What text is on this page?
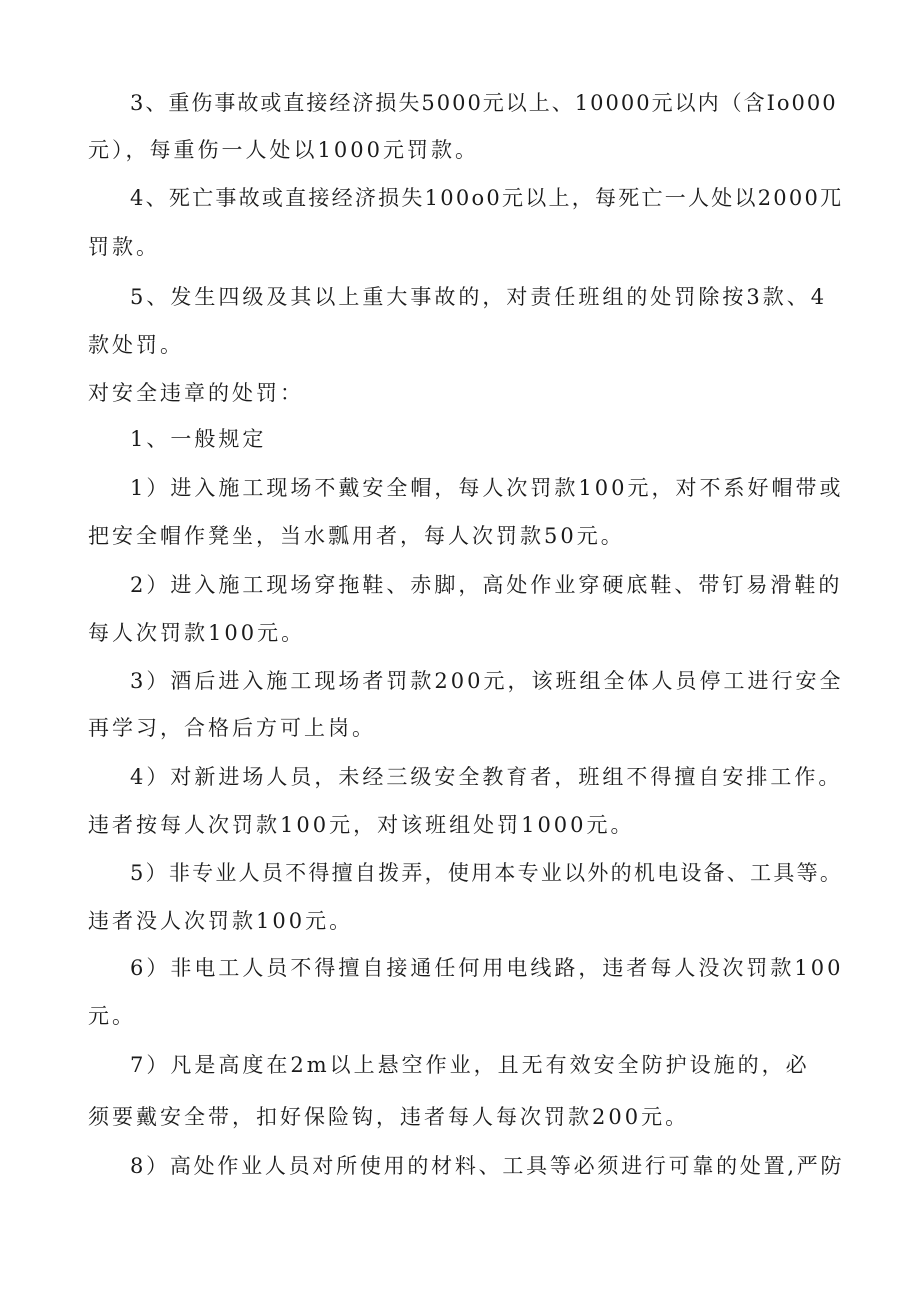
3、重伤事故或直接经济损失5000元以上、10000元以内（含Io000
元），每重伤一人处以1000元罚款。
4、死亡事故或直接经济损失100o0元以上，每死亡一人处以2000兀
罚款。
5、发生四级及其以上重大事故的，对责任班组的处罚除按3款、4
款处罚。
对安全违章的处罚：
1、一般规定
1）进入施工现场不戴安全帽，每人次罚款100元，对不系好帽带或
把安全帽作凳坐，当水瓢用者，每人次罚款50元。
2）进入施工现场穿拖鞋、赤脚，高处作业穿硬底鞋、带钉易滑鞋的
每人次罚款100元。
3）酒后进入施工现场者罚款200元，该班组全体人员停工进行安全
再学习，合格后方可上岗。
4）对新进场人员，未经三级安全教育者，班组不得擅自安排工作。
违者按每人次罚款100元，对该班组处罚1000元。
5）非专业人员不得擅自拨弄，使用本专业以外的机电设备、工具等。
违者没人次罚款100元。
6）非电工人员不得擅自接通任何用电线路，违者每人没次罚款100
元。
7）凡是高度在2m以上悬空作业，且无有效安全防护设施的，必
须要戴安全带，扣好保险钩，违者每人每次罚款200元。
8）高处作业人员对所使用的材料、工具等必须进行可靠的处置,严防
